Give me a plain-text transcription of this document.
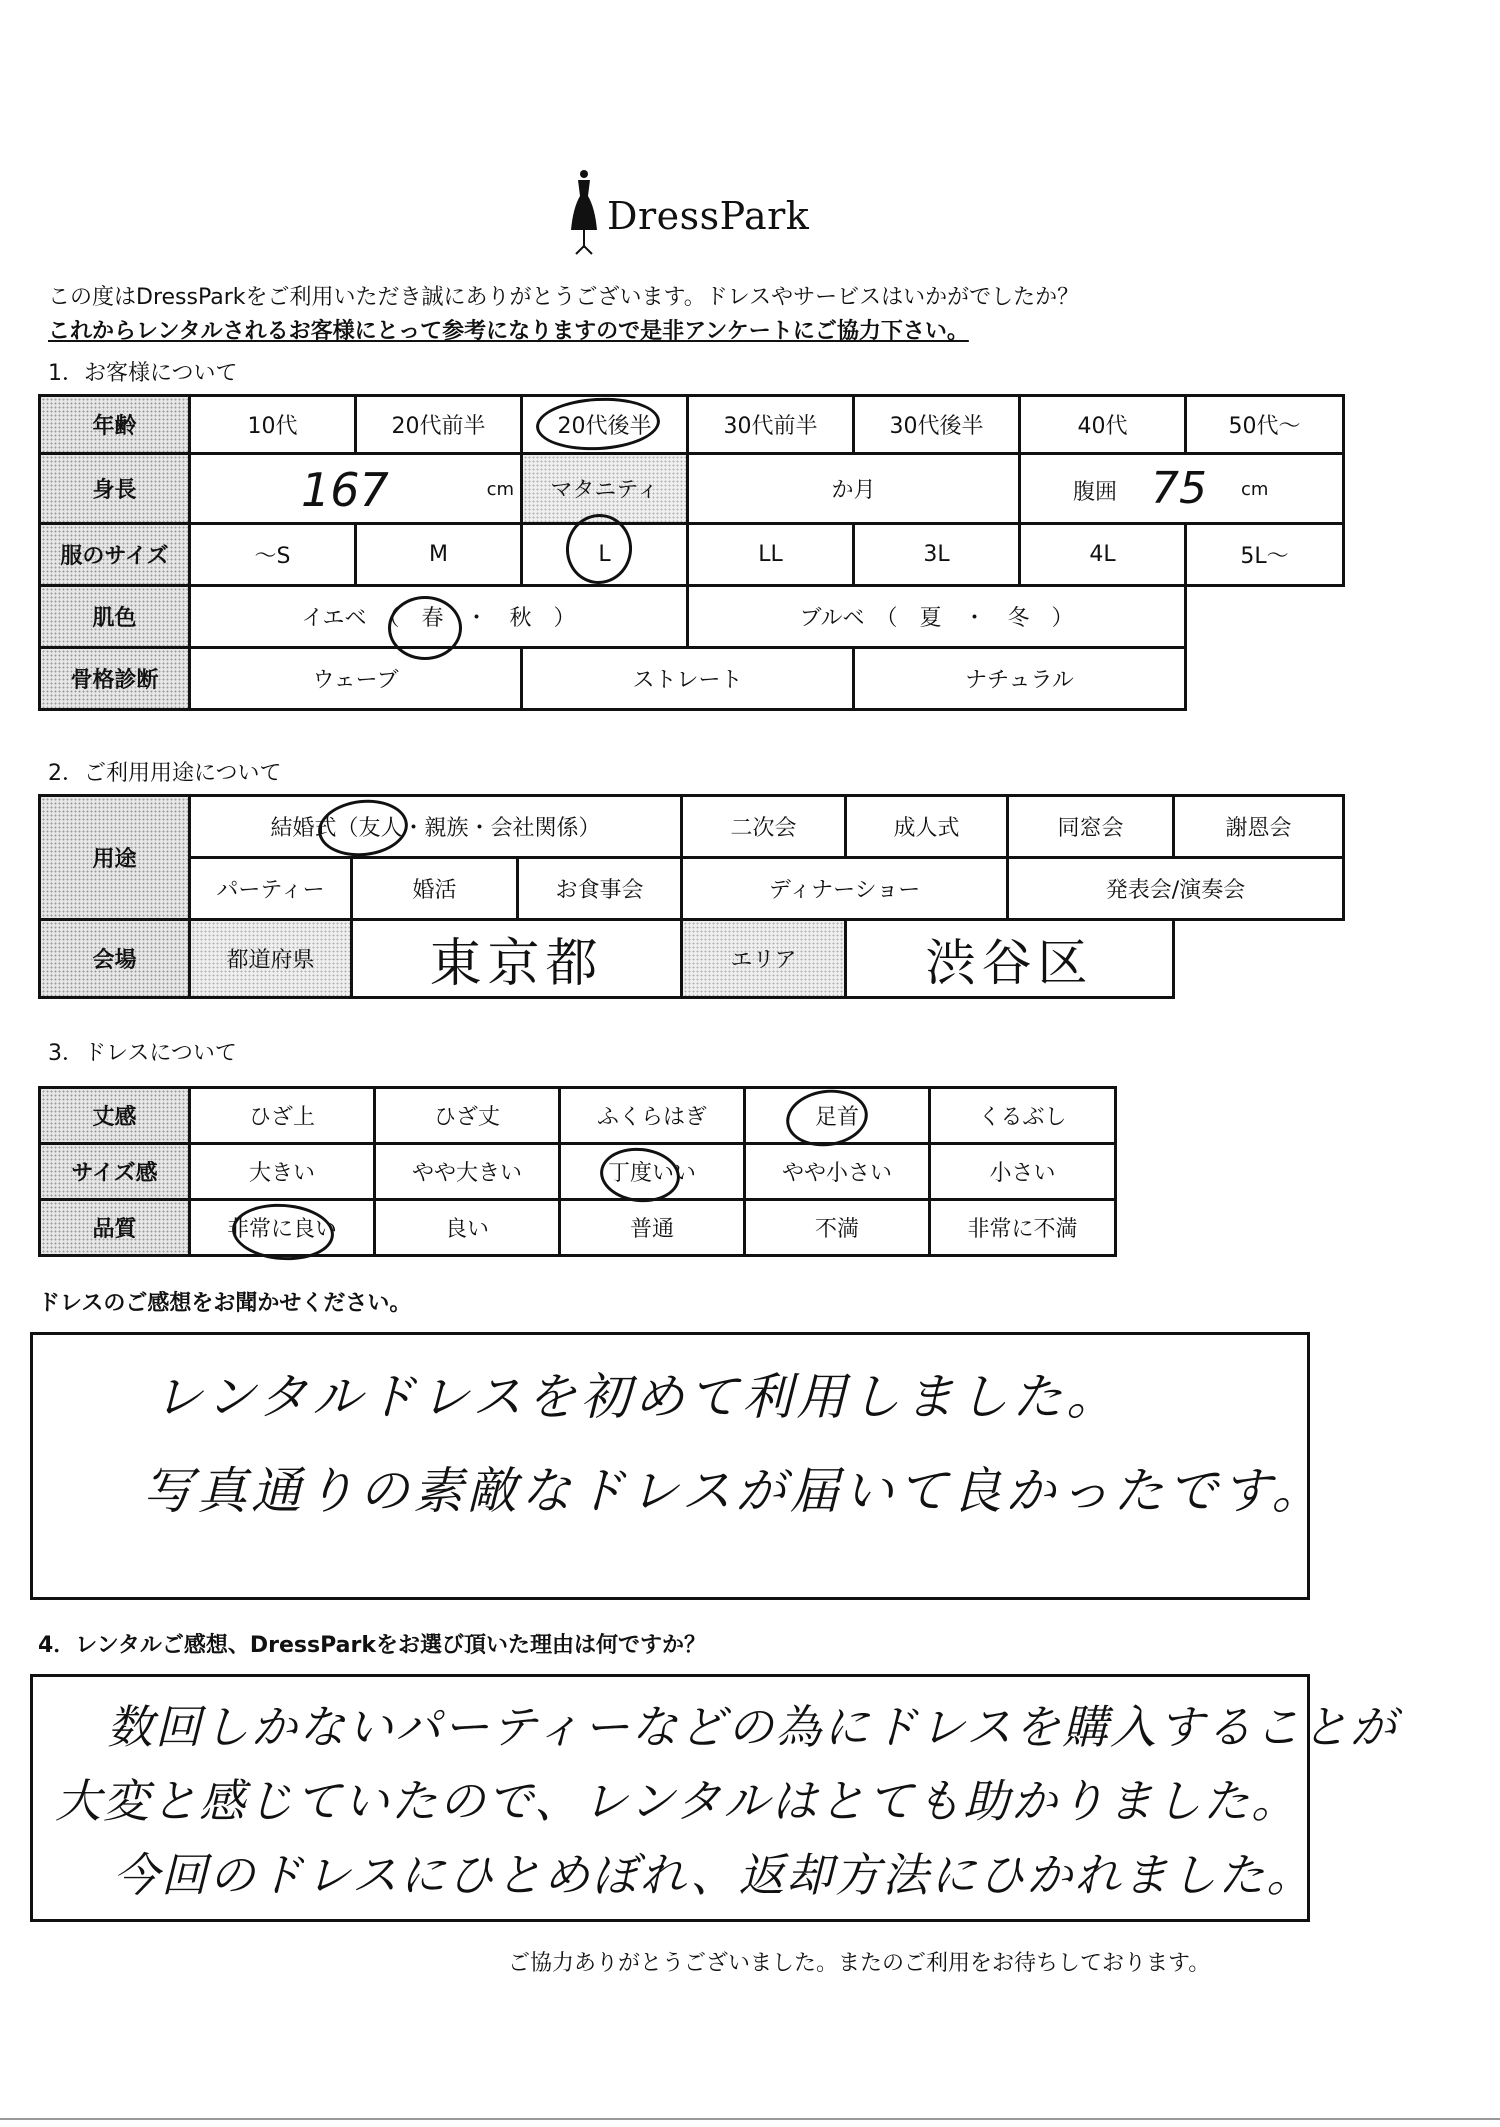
DressPark
この度はDressParkをご利用いただき誠にありがとうございます。ドレスやサービスはいかがでしたか？
これからレンタルされるお客様にとって参考になりますので是非アンケートにご協力下さい。
1．お客様について
年齢	10代	20代前半	20代後半	30代前半	30代後半	40代	50代～
身長	167 cm		マタニティ	か月		腹囲 75 cm	

服のサイズ	～S	M	L	LL	3L	4L	5L～
肌色	イエベ　（　春　・　秋　）			ブルベ　（　夏　・　冬　）			
骨格診断	ウェーブ		ストレート		ナチュラル		
2．ご利用用途について
用途	結婚式（友人・親族・会社関係）			二次会	成人式	同窓会	謝恩会
	パーティー	婚活	お食事会	ディナーショー		発表会/演奏会	
会場	都道府県	東京都		エリア	渋谷区		
3．ドレスについて
丈感	ひざ上	ひざ丈	ふくらはぎ	足首	くるぶし
サイズ感	大きい	やや大きい	丁度いい	やや小さい	小さい
品質	非常に良い	良い	普通	不満	非常に不満
ドレスのご感想をお聞かせください。
レンタルドレスを初めて利用しました。
写真通りの素敵なドレスが届いて良かったです。
4．レンタルご感想、DressParkをお選び頂いた理由は何ですか？
数回しかないパーティーなどの為にドレスを購入することが
大変と感じていたので、レンタルはとても助かりました。
今回のドレスにひとめぼれ、返却方法にひかれました。
ご協力ありがとうございました。またのご利用をお待ちしております。
